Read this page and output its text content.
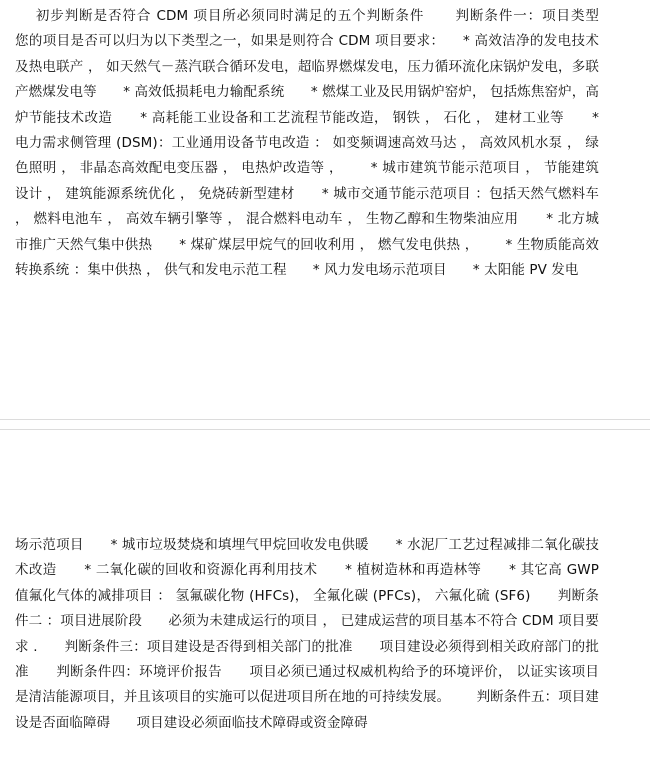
初步判断是否符合 CDM 项目所必须同时满足的五个判断条件      判断条件一：项目类型      您的项目是否可以归为以下类型之一，如果是则符合 CDM 项目要求：    * 高效洁净的发电技术及热电联产 ， 如天然气－蒸汽联合循环发电，超临界燃煤发电，压力循环流化床锅炉发电，多联产燃煤发电等      * 高效低损耗电力输配系统      * 燃煤工业及民用锅炉窑炉， 包括炼焦窑炉，高炉节能技术改造      * 高耗能工业设备和工艺流程节能改造， 钢铁 ， 石化 ， 建材工业等      * 电力需求侧管理 (DSM)：工业通用设备节电改造 ： 如变频调速高效马达 ， 高效风机水泵 ， 绿色照明 ， 非晶态高效配电变压器 ， 电热炉改造等 ，      * 城市建筑节能示范项目 ， 节能建筑设计 ， 建筑能源系统优化 ， 免烧砖新型建材      * 城市交通节能示范项目 ：包括天然气燃料车 ， 燃料电池车 ， 高效车辆引擎等 ， 混合燃料电动车 ， 生物乙醇和生物柴油应用      * 北方城市推广天然气集中供热      * 煤矿煤层甲烷气的回收利用 ， 燃气发电供热 ，      * 生物质能高效转换系统 ：集中供热 ， 供气和发电示范工程      * 风力发电场示范项目      * 太阳能 PV 发电
场示范项目      * 城市垃圾焚烧和填埋气甲烷回收发电供暖      * 水泥厂工艺过程减排二氧化碳技术改造      * 二氧化碳的回收和资源化再利用技术      * 植树造林和再造林等      * 其它高 GWP 值氟化气体的减排项目 ： 氢氟碳化物 (HFCs)， 全氟化碳 (PFCs)， 六氟化硫 (SF6)      判断条件二 ：项目进展阶段      必须为未建成运行的项目 ， 已建成运营的项目基本不符合 CDM 项目要求 .      判断条件三：项目建设是否得到相关部门的批准      项目建设必须得到相关政府部门的批准      判断条件四：环境评价报告      项目必须已通过权威机构给予的环境评价， 以证实该项目是清洁能源项目，并且该项目的实施可以促进项目所在地的可持续发展。      判断条件五：项目建设是否面临障碍      项目建设必须面临技术障碍或资金障碍
